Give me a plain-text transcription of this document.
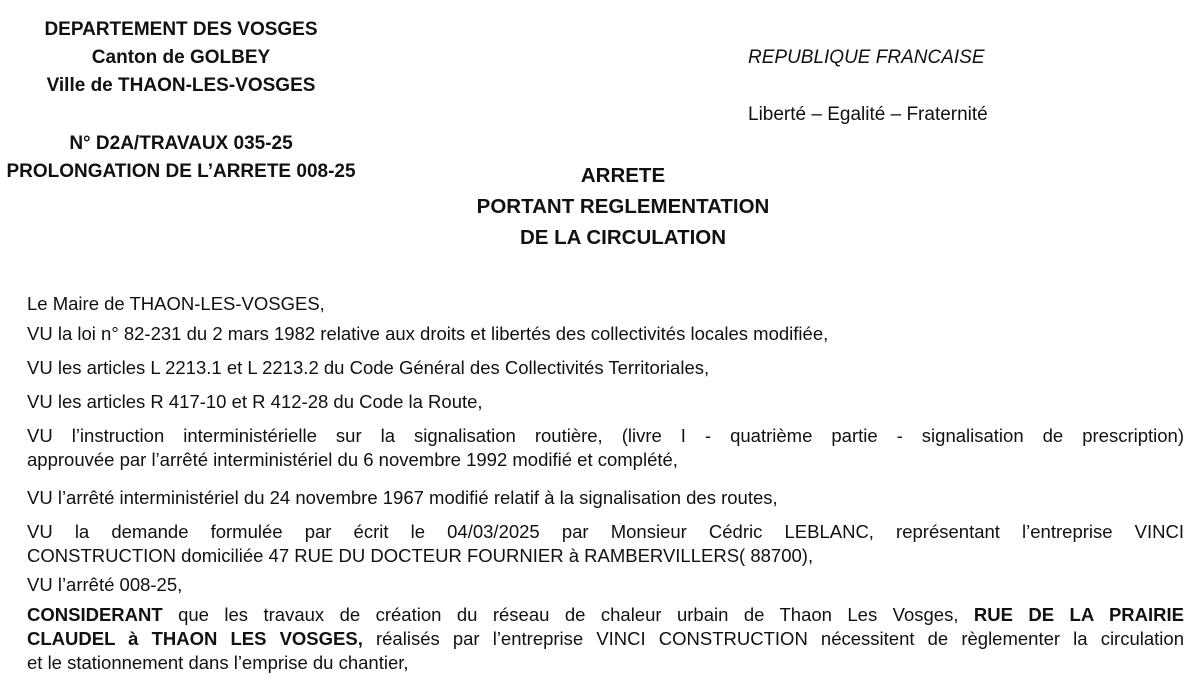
DEPARTEMENT DES VOSGES
Canton de GOLBEY
Ville de THAON-LES-VOSGES
N° D2A/TRAVAUX 035-25
PROLONGATION DE L’ARRETE 008-25
REPUBLIQUE FRANCAISE
Liberté – Egalité – Fraternité
ARRETE
PORTANT REGLEMENTATION
DE LA CIRCULATION
Le Maire de THAON-LES-VOSGES,
VU la loi n° 82-231 du 2 mars 1982 relative aux droits et libertés des collectivités locales modifiée,
VU les articles L 2213.1 et L 2213.2 du Code Général des Collectivités Territoriales,
VU les articles R 417-10 et R 412-28 du Code la Route,
VU l’instruction interministérielle sur la signalisation routière, (livre I - quatrième partie - signalisation de prescription)
approuvée par l’arrêté interministériel du 6 novembre 1992 modifié et complété,
VU l’arrêté interministériel du 24 novembre 1967 modifié relatif à la signalisation des routes,
VU la demande formulée par écrit le 04/03/2025 par Monsieur Cédric LEBLANC, représentant l’entreprise VINCI
CONSTRUCTION domiciliée 47 RUE DU DOCTEUR FOURNIER à RAMBERVILLERS( 88700),
VU l’arrêté 008-25,
CONSIDERANT que les travaux de création du réseau de chaleur urbain de Thaon Les Vosges, RUE DE LA PRAIRIE
CLAUDEL à THAON LES VOSGES, réalisés par l’entreprise VINCI CONSTRUCTION nécessitent de règlementer la circulation
et le stationnement dans l’emprise du chantier,
